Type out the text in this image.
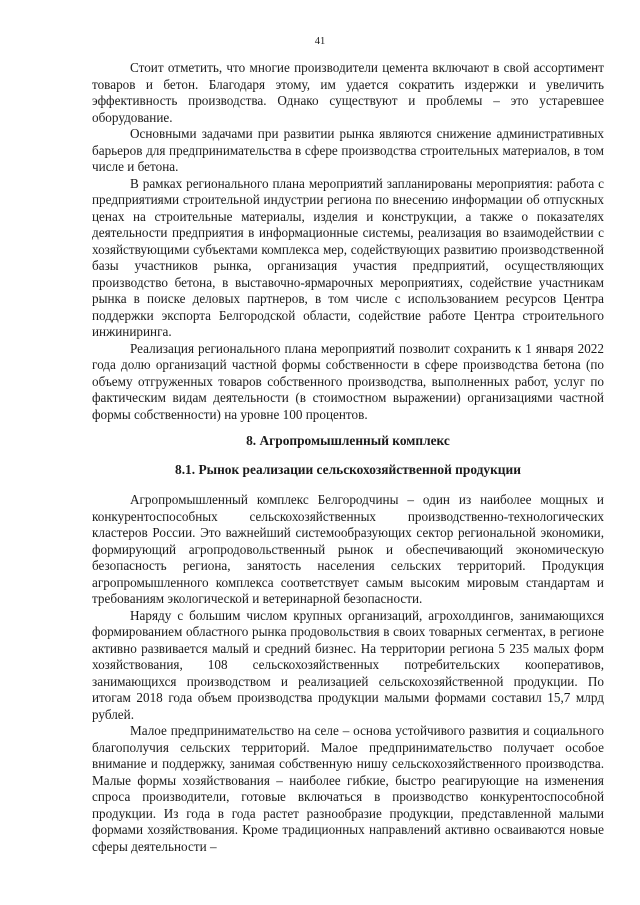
41

Стоит отметить, что многие производители цемента включают в свой ассортимент товаров и бетон. Благодаря этому, им удается сократить издержки и увеличить эффективность производства. Однако существуют и проблемы – это устаревшее оборудование.

Основными задачами при развитии рынка являются снижение административных барьеров для предпринимательства в сфере производства строительных материалов, в том числе и бетона.

В рамках регионального плана мероприятий запланированы мероприятия: работа с предприятиями строительной индустрии региона по внесению информации об отпускных ценах на строительные материалы, изделия и конструкции, а также о показателях деятельности предприятия в информационные системы, реализация во взаимодействии с хозяйствующими субъектами комплекса мер, содействующих развитию производственной базы участников рынка, организация участия предприятий, осуществляющих производство бетона, в выставочно-ярмарочных мероприятиях, содействие участникам рынка в поиске деловых партнеров, в том числе с использованием ресурсов Центра поддержки экспорта Белгородской области, содействие работе Центра строительного инжиниринга.

Реализация регионального плана мероприятий позволит сохранить к 1 января 2022 года долю организаций частной формы собственности в сфере производства бетона (по объему отгруженных товаров собственного производства, выполненных работ, услуг по фактическим видам деятельности (в стоимостном выражении) организациями частной формы собственности) на уровне 100 процентов.

8. Агропромышленный комплекс
8.1. Рынок реализации сельскохозяйственной продукции

Агропромышленный комплекс Белгородчины – один из наиболее мощных и конкурентоспособных сельскохозяйственных производственно-технологических кластеров России. Это важнейший системообразующих сектор региональной экономики, формирующий агропродовольственный рынок и обеспечивающий экономическую безопасность региона, занятость населения сельских территорий. Продукция агропромышленного комплекса соответствует самым высоким мировым стандартам и требованиям экологической и ветеринарной безопасности.

Наряду с большим числом крупных организаций, агрохолдингов, занимающихся формированием областного рынка продовольствия в своих товарных сегментах, в регионе активно развивается малый и средний бизнес. На территории региона 5 235 малых форм хозяйствования, 108 сельскохозяйственных потребительских кооперативов, занимающихся производством и реализацией сельскохозяйственной продукции. По итогам 2018 года объем производства продукции малыми формами составил 15,7 млрд рублей.

Малое предпринимательство на селе – основа устойчивого развития и социального благополучия сельских территорий. Малое предпринимательство получает особое внимание и поддержку, занимая собственную нишу сельскохозяйственного производства. Малые формы хозяйствования – наиболее гибкие, быстро реагирующие на изменения спроса производители, готовые включаться в производство конкурентоспособной продукции. Из года в года растет разнообразие продукции, представленной малыми формами хозяйствования. Кроме традиционных направлений активно осваиваются новые сферы деятельности –
